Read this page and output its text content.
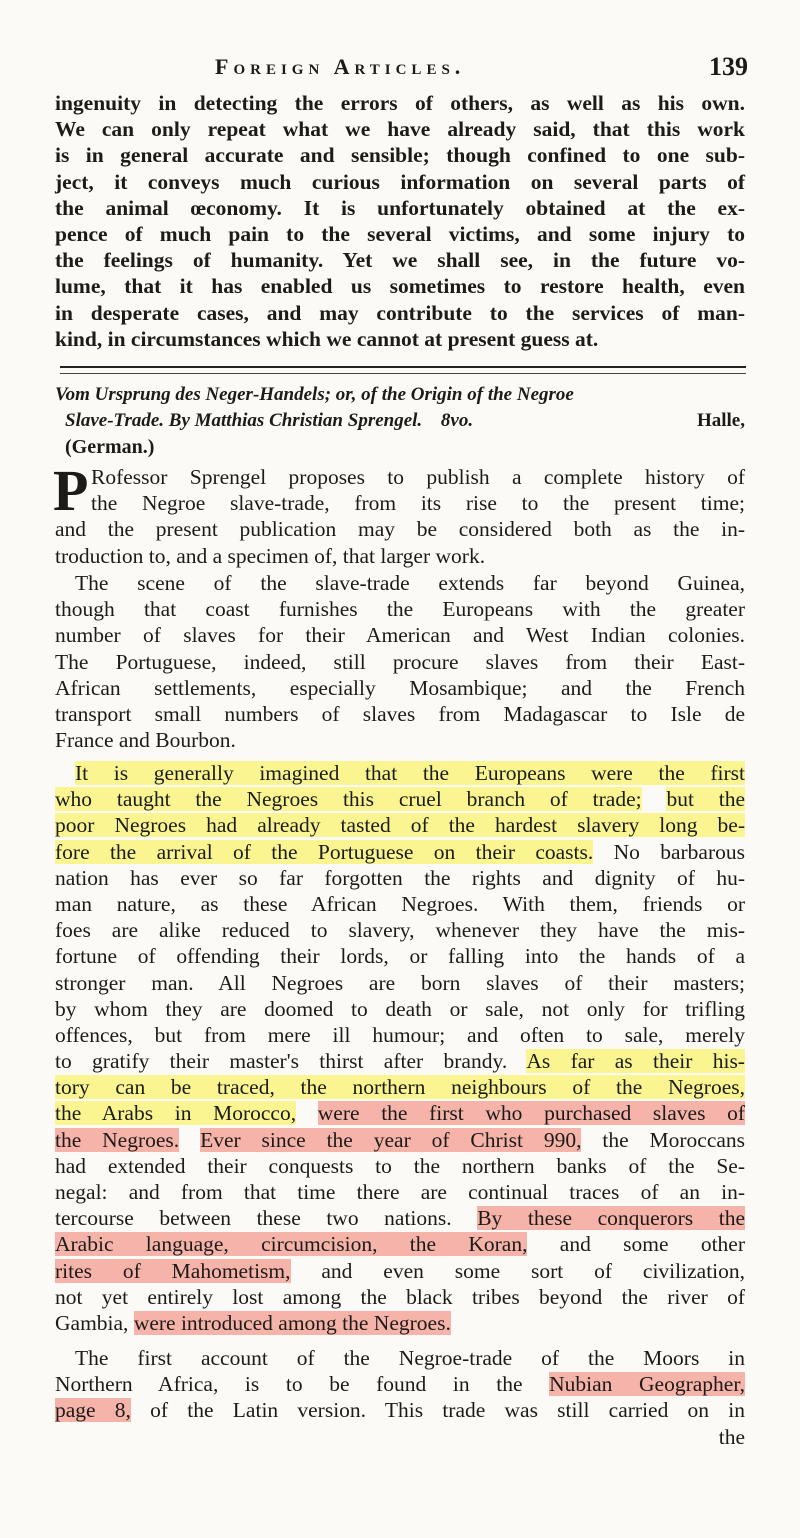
Foreign Articles.	139
ingenuity in detecting the errors of others, as well as his own.
We can only repeat what we have already said, that this work
is in general accurate and sensible; though confined to one sub-
ject, it conveys much curious information on several parts of
the animal œconomy. It is unfortunately obtained at the ex-
pence of much pain to the several victims, and some injury to
the feelings of humanity. Yet we shall see, in the future vo-
lume, that it has enabled us sometimes to restore health, even
in desperate cases, and may contribute to the services of man-
kind, in circumstances which we cannot at present guess at.
Vom Ursprung des Neger-Handels; or, of the Origin of the Negroe
Slave-Trade. By Matthias Christian Sprengel. 8vo.	Halle,
(German.)
P Rofessor Sprengel proposes to publish a complete history of
the Negroe slave-trade, from its rise to the present time;
and the present publication may be considered both as the in-
troduction to, and a specimen of, that larger work.
The scene of the slave-trade extends far beyond Guinea,
though that coast furnishes the Europeans with the greater
number of slaves for their American and West Indian colonies.
The Portuguese, indeed, still procure slaves from their East-
African settlements, especially Mosambique; and the French
transport small numbers of slaves from Madagascar to Isle de
France and Bourbon.
It is generally imagined that the Europeans were the first
who taught the Negroes this cruel branch of trade; but the
poor Negroes had already tasted of the hardest slavery long be-
fore the arrival of the Portuguese on their coasts. No barbarous
nation has ever so far forgotten the rights and dignity of hu-
man nature, as these African Negroes. With them, friends or
foes are alike reduced to slavery, whenever they have the mis-
fortune of offending their lords, or falling into the hands of a
stronger man. All Negroes are born slaves of their masters;
by whom they are doomed to death or sale, not only for trifling
offences, but from mere ill humour; and often to sale, merely
to gratify their master's thirst after brandy. As far as their his-
tory can be traced, the northern neighbours of the Negroes,
the Arabs in Morocco, were the first who purchased slaves of
the Negroes. Ever since the year of Christ 990, the Moroccans
had extended their conquests to the northern banks of the Se-
negal: and from that time there are continual traces of an in-
tercourse between these two nations. By these conquerors the
Arabic language, circumcision, the Koran, and some other
rites of Mahometism, and even some sort of civilization,
not yet entirely lost among the black tribes beyond the river of
Gambia, were introduced among the Negroes.
The first account of the Negroe-trade of the Moors in
Northern Africa, is to be found in the Nubian Geographer,
page 8, of the Latin version. This trade was still carried on in
the
